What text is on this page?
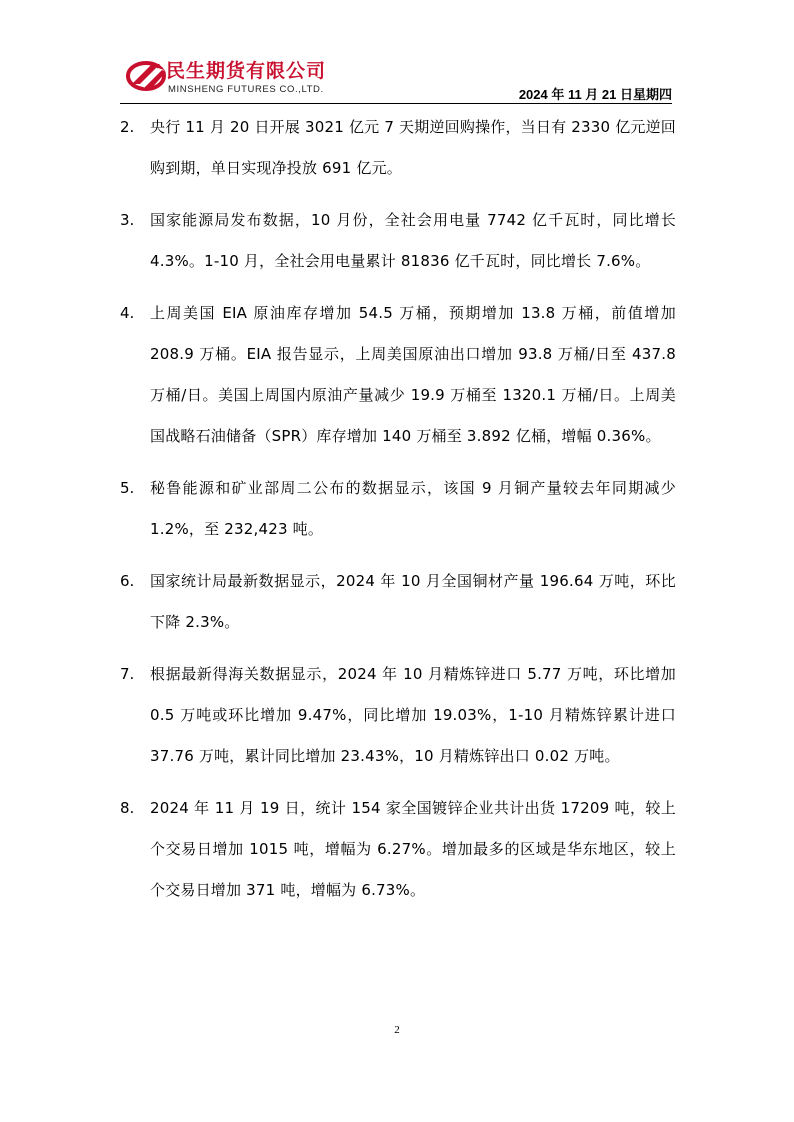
民生期货有限公司
MINSHENG FUTURES CO.,LTD.	2024 年 11 月 21 日星期四
2. 央行 11 月 20 日开展 3021 亿元 7 天期逆回购操作，当日有 2330 亿元逆回购到期，单日实现净投放 691 亿元。
3. 国家能源局发布数据，10 月份，全社会用电量 7742 亿千瓦时，同比增长 4.3%。1-10 月，全社会用电量累计 81836 亿千瓦时，同比增长 7.6%。
4. 上周美国 EIA 原油库存增加 54.5 万桶，预期增加 13.8 万桶，前值增加 208.9 万桶。EIA 报告显示，上周美国原油出口增加 93.8 万桶/日至 437.8 万桶/日。美国上周国内原油产量减少 19.9 万桶至 1320.1 万桶/日。上周美国战略石油储备（SPR）库存增加 140 万桶至 3.892 亿桶，增幅 0.36%。
5. 秘鲁能源和矿业部周二公布的数据显示，该国 9 月铜产量较去年同期减少 1.2%，至 232,423 吨。
6. 国家统计局最新数据显示，2024 年 10 月全国铜材产量 196.64 万吨，环比下降 2.3%。
7. 根据最新得海关数据显示，2024 年 10 月精炼锌进口 5.77 万吨，环比增加 0.5 万吨或环比增加 9.47%，同比增加 19.03%，1-10 月精炼锌累计进口 37.76 万吨，累计同比增加 23.43%，10 月精炼锌出口 0.02 万吨。
8. 2024 年 11 月 19 日，统计 154 家全国镀锌企业共计出货 17209 吨，较上个交易日增加 1015 吨，增幅为 6.27%。增加最多的区域是华东地区，较上个交易日增加 371 吨，增幅为 6.73%。
2
